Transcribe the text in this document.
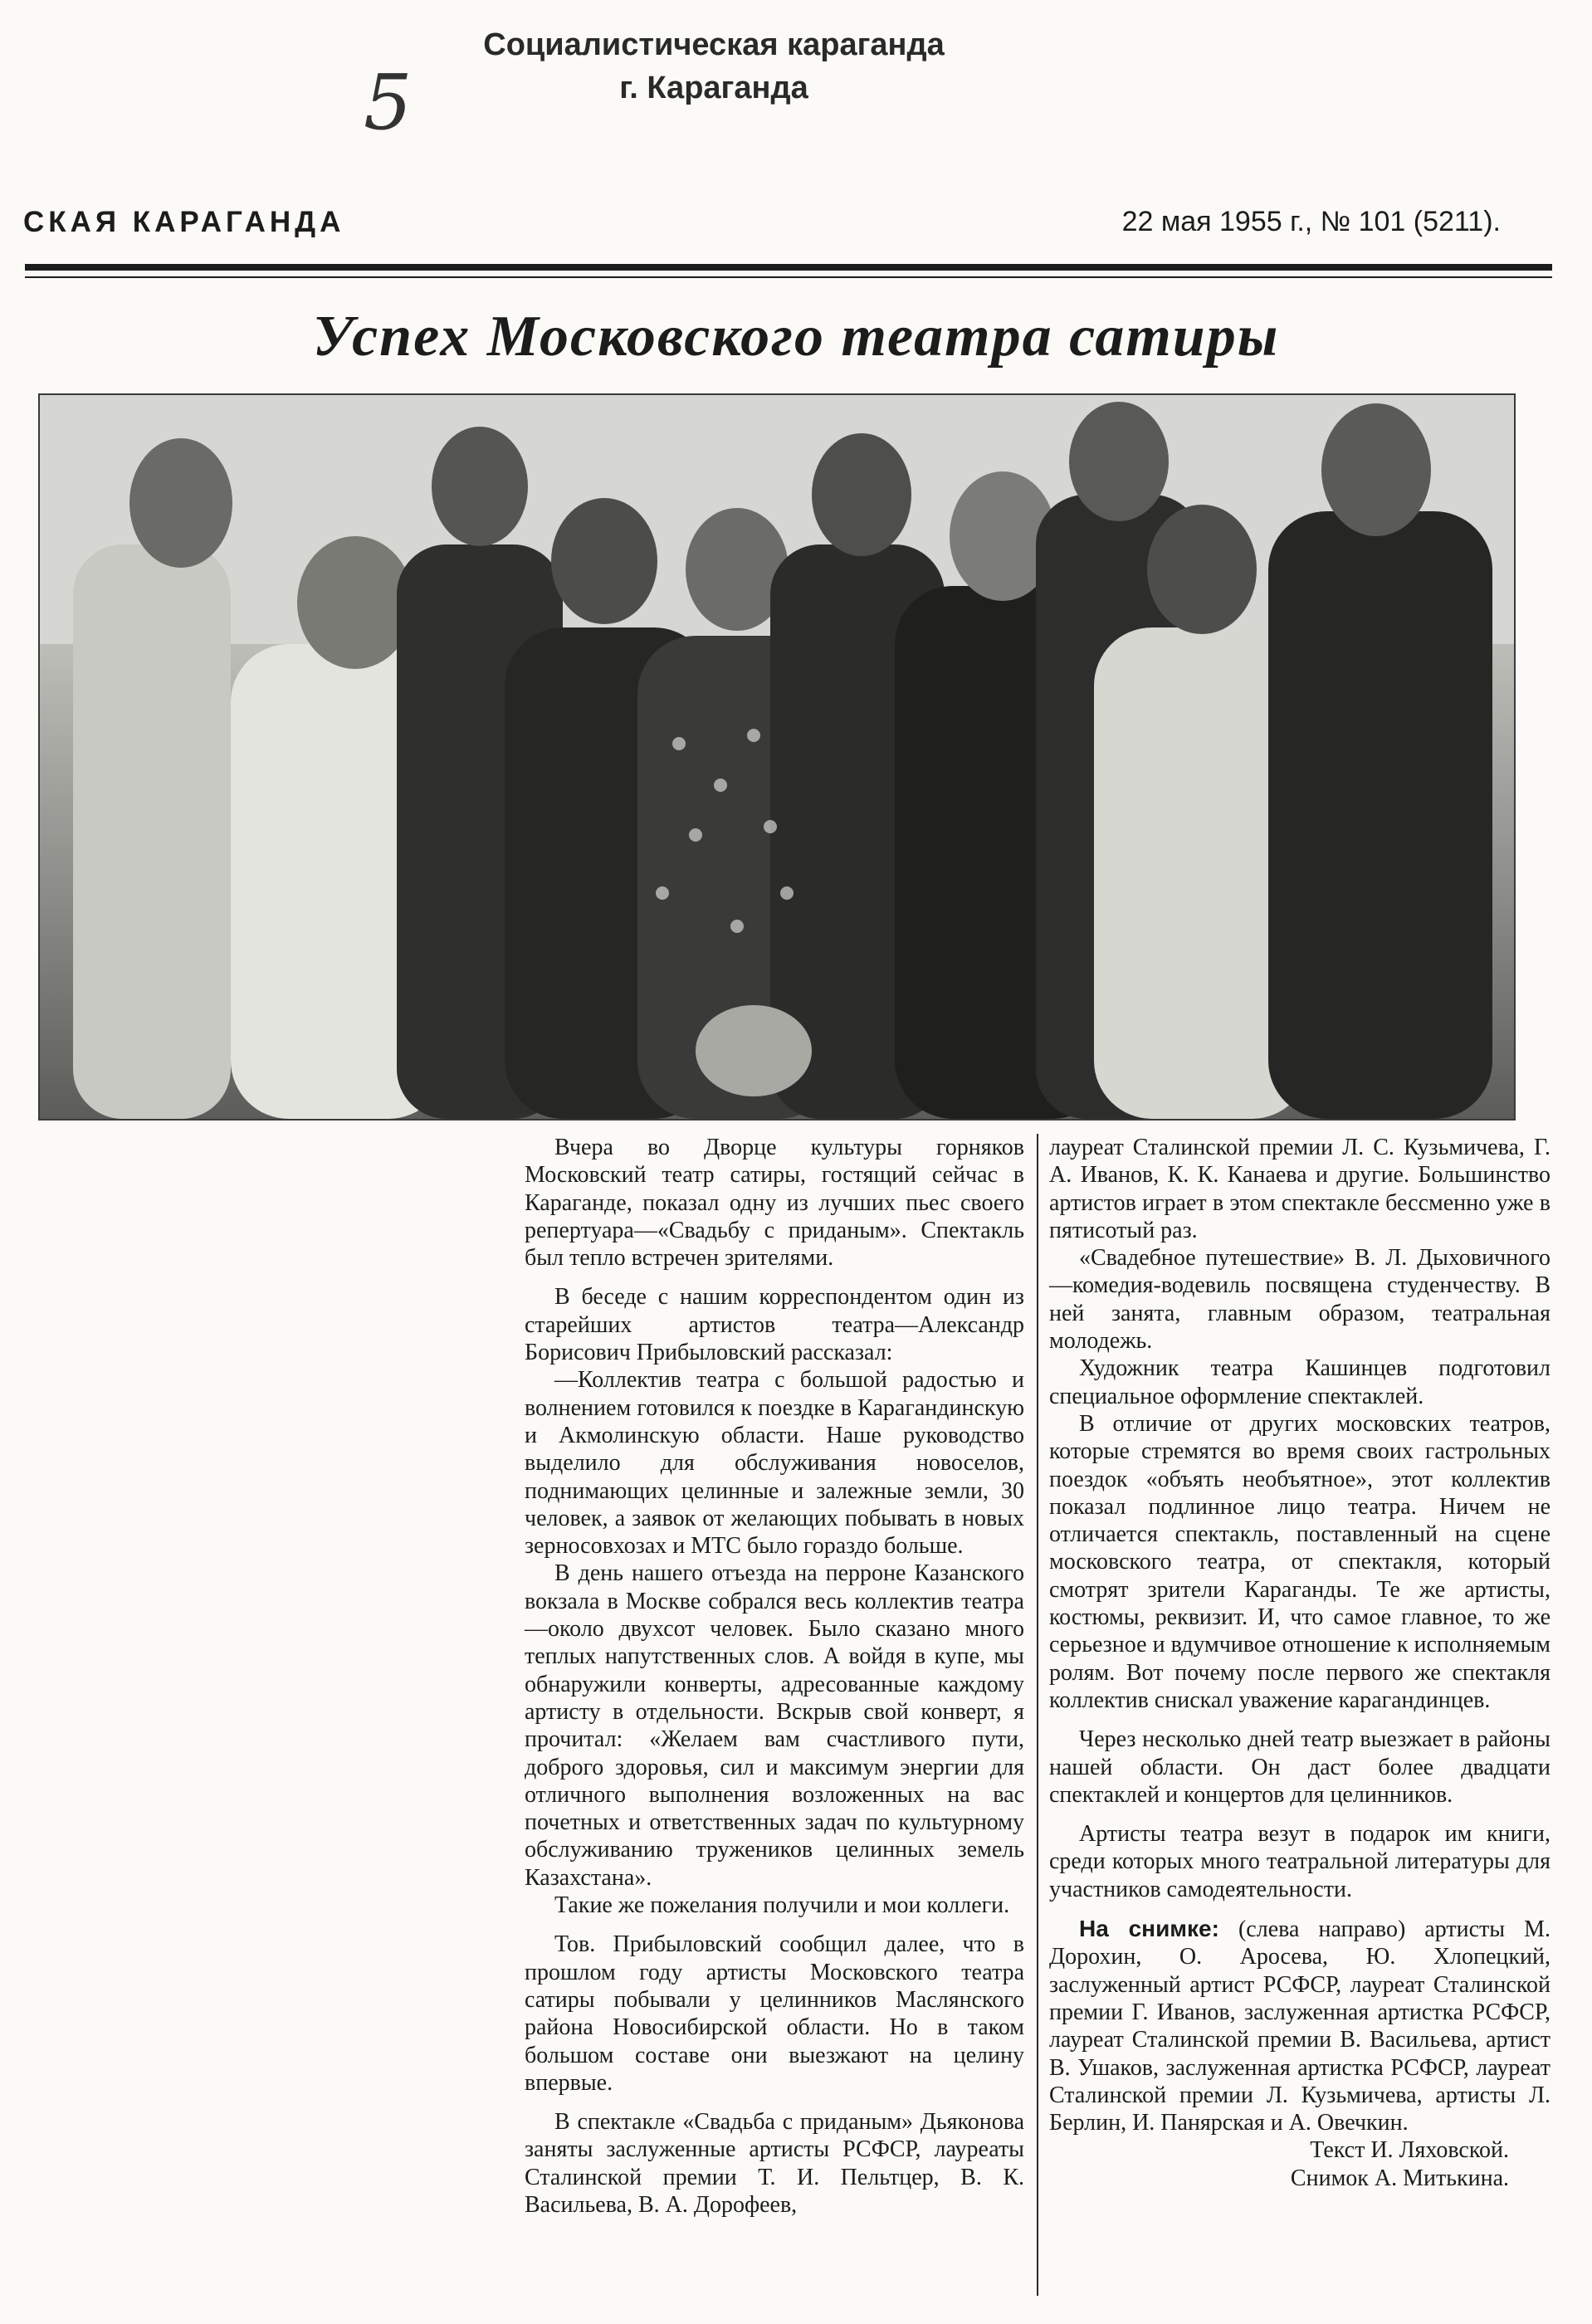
Социалистическая караганда
г. Караганда
5
СКАЯ КАРАГАНДА	22 мая 1955 г., № 101 (5211).
Успех Московского театра сатиры

Вчера во Дворце культуры горняков Московский театр сатиры, гостящий сейчас в Караганде, показал одну из лучших пьес своего репертуара—«Свадьбу с приданым». Спектакль был тепло встречен зрителями.

В беседе с нашим корреспондентом один из старейших артистов театра—Александр Борисович Прибыловский рассказал:

—Коллектив театра с большой радостью и волнением готовился к поездке в Карагандинскую и Акмолинскую области. Наше руководство выделило для обслуживания новоселов, поднимающих целинные и залежные земли, 30 человек, а заявок от желающих побывать в новых зерносовхозах и МТС было гораздо больше.

В день нашего отъезда на перроне Казанского вокзала в Москве собрался весь коллектив театра—около двухсот человек. Было сказано много теплых напутственных слов. А войдя в купе, мы обнаружили конверты, адресованные каждому артисту в отдельности. Вскрыв свой конверт, я прочитал: «Желаем вам счастливого пути, доброго здоровья, сил и максимум энергии для отличного выполнения возложенных на вас почетных и ответственных задач по культурному обслуживанию тружеников целинных земель Казахстана».

Такие же пожелания получили и мои коллеги.

Тов. Прибыловский сообщил далее, что в прошлом году артисты Московского театра сатиры побывали у целинников Маслянского района Новосибирской области. Но в таком большом составе они выезжают на целину впервые.

В спектакле «Свадьба с приданым» Дьяконова заняты заслуженные артисты РСФСР, лауреаты Сталинской премии Т. И. Пельтцер, В. К. Васильева, В. А. Дорофеев,

лауреат Сталинской премии Л. С. Кузьмичева, Г. А. Иванов, К. К. Канаева и другие. Большинство артистов играет в этом спектакле бессменно уже в пятисотый раз.

«Свадебное путешествие» В. Л. Дыховичного—комедия-водевиль посвящена студенчеству. В ней занята, главным образом, театральная молодежь.

Художник театра Кашинцев подготовил специальное оформление спектаклей.

В отличие от других московских театров, которые стремятся во время своих гастрольных поездок «объять необъятное», этот коллектив показал подлинное лицо театра. Ничем не отличается спектакль, поставленный на сцене московского театра, от спектакля, который смотрят зрители Караганды. Те же артисты, костюмы, реквизит. И, что самое главное, то же серьезное и вдумчивое отношение к исполняемым ролям. Вот почему после первого же спектакля коллектив снискал уважение карагандинцев.

Через несколько дней театр выезжает в районы нашей области. Он даст более двадцати спектаклей и концертов для целинников.

Артисты театра везут в подарок им книги, среди которых много театральной литературы для участников самодеятельности.

На снимке: (слева направо) артисты М. Дорохин, О. Аросева, Ю. Хлопецкий, заслуженный артист РСФСР, лауреат Сталинской премии Г. Иванов, заслуженная артистка РСФСР, лауреат Сталинской премии В. Васильева, артист В. Ушаков, заслуженная артистка РСФСР, лауреат Сталинской премии Л. Кузьмичева, артисты Л. Берлин, И. Панярская и А. Овечкин.

Текст И. Ляховской.

Снимок А. Митькина.
